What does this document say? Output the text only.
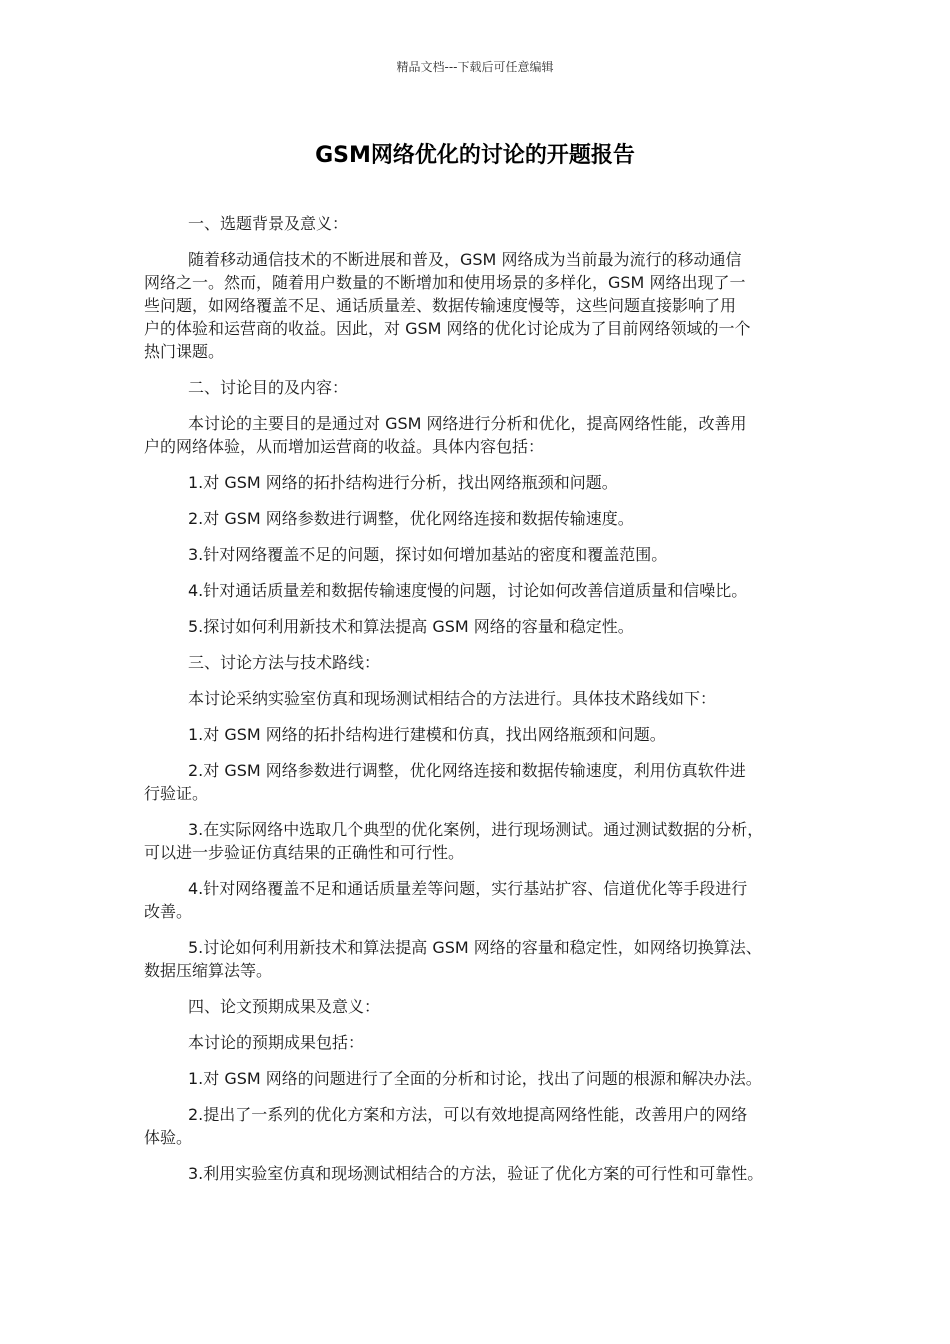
精品文档---下载后可任意编辑
GSM网络优化的讨论的开题报告

一、选题背景及意义：

随着移动通信技术的不断进展和普及，GSM 网络成为当前最为流行的移动通信
网络之一。然而，随着用户数量的不断增加和使用场景的多样化，GSM 网络出现了一
些问题，如网络覆盖不足、通话质量差、数据传输速度慢等，这些问题直接影响了用
户的体验和运营商的收益。因此，对 GSM 网络的优化讨论成为了目前网络领域的一个
热门课题。

二、讨论目的及内容：

本讨论的主要目的是通过对 GSM 网络进行分析和优化，提高网络性能，改善用
户的网络体验，从而增加运营商的收益。具体内容包括：

1.对 GSM 网络的拓扑结构进行分析，找出网络瓶颈和问题。

2.对 GSM 网络参数进行调整，优化网络连接和数据传输速度。

3.针对网络覆盖不足的问题，探讨如何增加基站的密度和覆盖范围。

4.针对通话质量差和数据传输速度慢的问题，讨论如何改善信道质量和信噪比。

5.探讨如何利用新技术和算法提高 GSM 网络的容量和稳定性。

三、讨论方法与技术路线：

本讨论采纳实验室仿真和现场测试相结合的方法进行。具体技术路线如下：

1.对 GSM 网络的拓扑结构进行建模和仿真，找出网络瓶颈和问题。

2.对 GSM 网络参数进行调整，优化网络连接和数据传输速度，利用仿真软件进
行验证。

3.在实际网络中选取几个典型的优化案例，进行现场测试。通过测试数据的分析，
可以进一步验证仿真结果的正确性和可行性。

4.针对网络覆盖不足和通话质量差等问题，实行基站扩容、信道优化等手段进行
改善。

5.讨论如何利用新技术和算法提高 GSM 网络的容量和稳定性，如网络切换算法、
数据压缩算法等。

四、论文预期成果及意义：

本讨论的预期成果包括：

1.对 GSM 网络的问题进行了全面的分析和讨论，找出了问题的根源和解决办法。

2.提出了一系列的优化方案和方法，可以有效地提高网络性能，改善用户的网络
体验。

3.利用实验室仿真和现场测试相结合的方法，验证了优化方案的可行性和可靠性。
